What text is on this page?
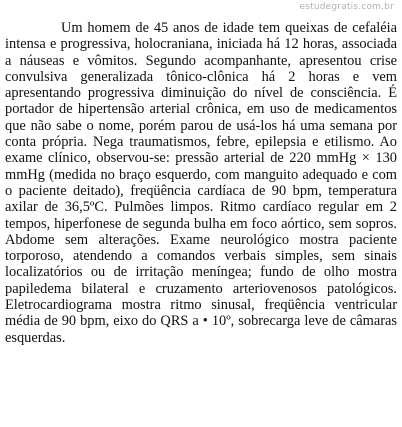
estudegratis.com.br

Um homem de 45 anos de idade tem queixas de cefaléia intensa e progressiva, holocraniana, iniciada há 12 horas, associada a náuseas e vômitos. Segundo acompanhante, apresentou crise convulsiva generalizada tônico-clônica há 2 horas e vem apresentando progressiva diminuição do nível de consciência. É portador de hipertensão arterial crônica, em uso de medicamentos que não sabe o nome, porém parou de usá-los há uma semana por conta própria. Nega traumatismos, febre, epilepsia e etilismo. Ao exame clínico, observou-se: pressão arterial de 220 mmHg × 130 mmHg (medida no braço esquerdo, com manguito adequado e com o paciente deitado), freqüência cardíaca de 90 bpm, temperatura axilar de 36,5ºC. Pulmões limpos. Ritmo cardíaco regular em 2 tempos, hiperfonese de segunda bulha em foco aórtico, sem sopros. Abdome sem alterações. Exame neurológico mostra paciente torporoso, atendendo a comandos verbais simples, sem sinais localizatórios ou de irritação meníngea; fundo de olho mostra papiledema bilateral e cruzamento arteriovenosos patológicos. Eletrocardiograma mostra ritmo sinusal, freqüência ventricular média de 90 bpm, eixo do QRS a • 10º, sobrecarga leve de câmaras esquerdas.
